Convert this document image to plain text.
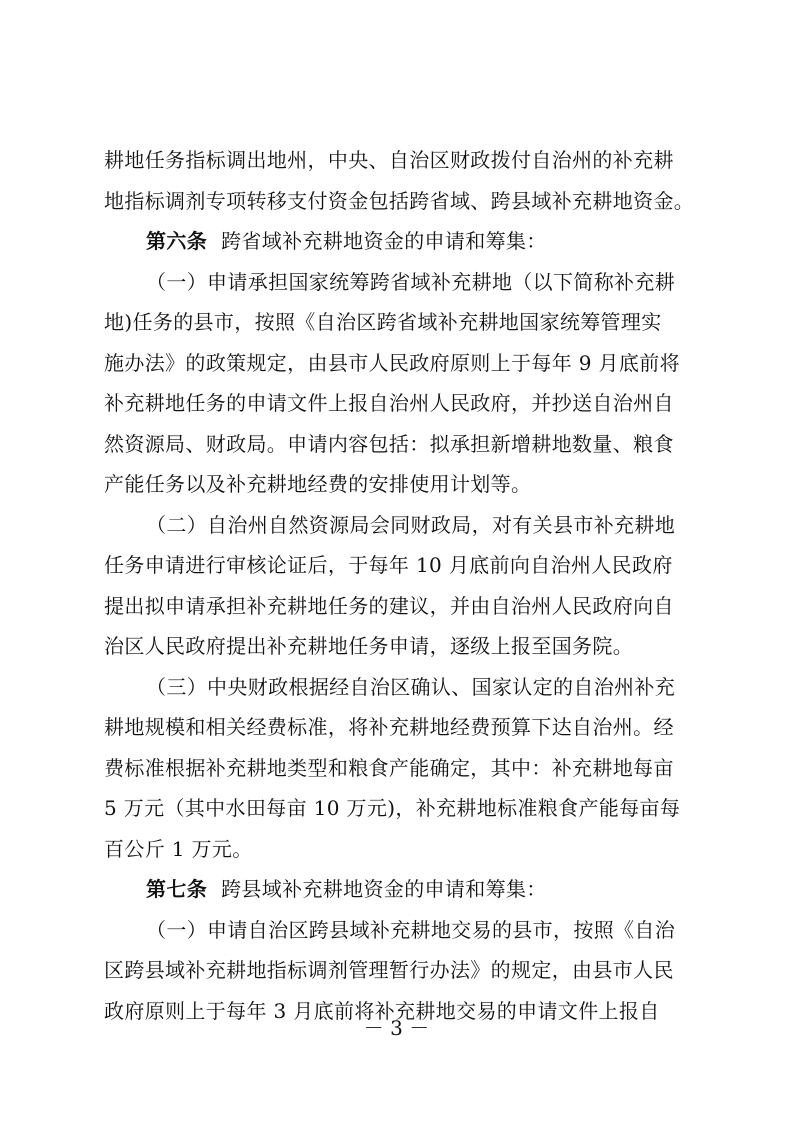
耕地任务指标调出地州，中央、自治区财政拨付自治州的补充耕
地指标调剂专项转移支付资金包括跨省域、跨县域补充耕地资金。
第六条 跨省域补充耕地资金的申请和筹集：
（一）申请承担国家统筹跨省域补充耕地（以下简称补充耕
地)任务的县市，按照《自治区跨省域补充耕地国家统筹管理实
施办法》的政策规定，由县市人民政府原则上于每年 9 月底前将
补充耕地任务的申请文件上报自治州人民政府，并抄送自治州自
然资源局、财政局。申请内容包括：拟承担新增耕地数量、粮食
产能任务以及补充耕地经费的安排使用计划等。
（二）自治州自然资源局会同财政局，对有关县市补充耕地
任务申请进行审核论证后，于每年 10 月底前向自治州人民政府
提出拟申请承担补充耕地任务的建议，并由自治州人民政府向自
治区人民政府提出补充耕地任务申请，逐级上报至国务院。
（三）中央财政根据经自治区确认、国家认定的自治州补充
耕地规模和相关经费标准，将补充耕地经费预算下达自治州。经
费标准根据补充耕地类型和粮食产能确定，其中：补充耕地每亩
5 万元（其中水田每亩 10 万元)，补充耕地标准粮食产能每亩每
百公斤 1 万元。
第七条 跨县域补充耕地资金的申请和筹集：
（一）申请自治区跨县域补充耕地交易的县市，按照《自治
区跨县域补充耕地指标调剂管理暂行办法》的规定，由县市人民
政府原则上于每年 3 月底前将补充耕地交易的申请文件上报自
－ 3 －
